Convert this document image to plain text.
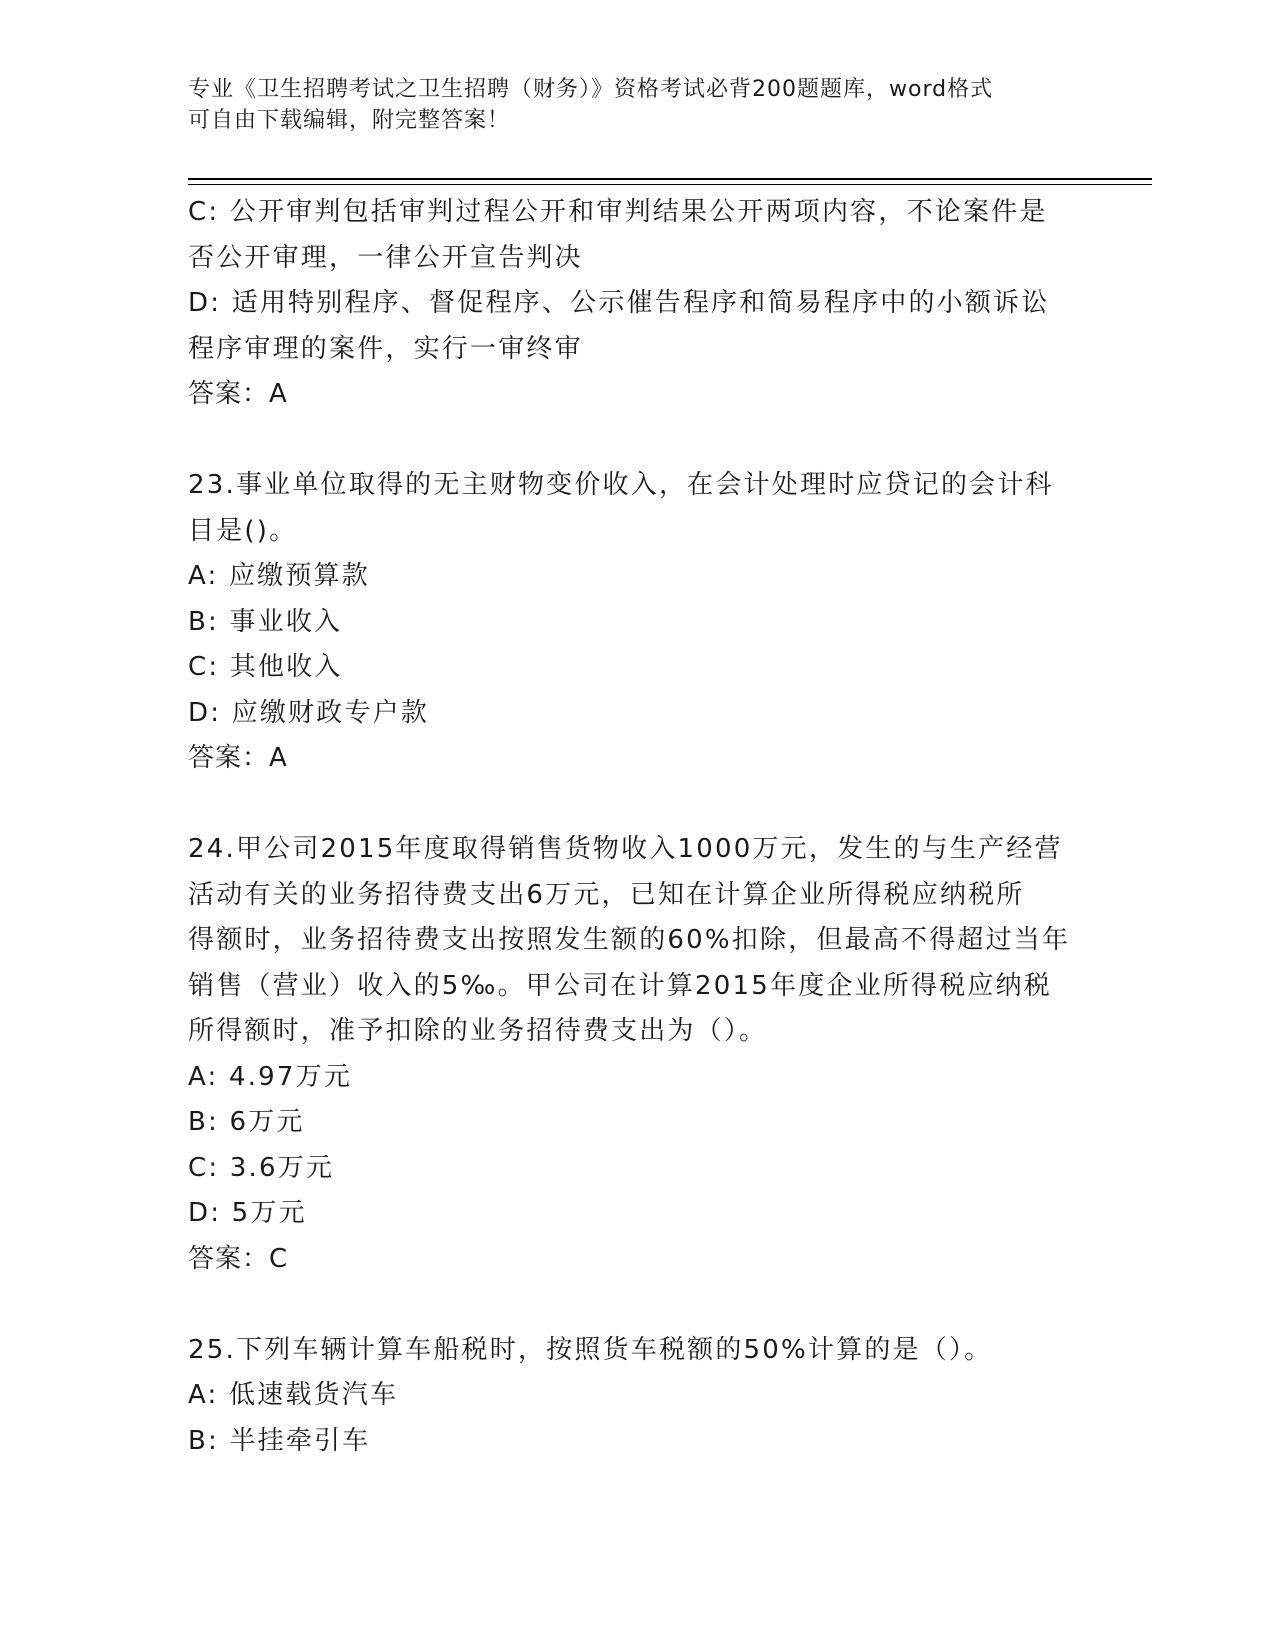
专业《卫生招聘考试之卫生招聘（财务）》资格考试必背200题题库，word格式
可自由下载编辑，附完整答案！
C: 公开审判包括审判过程公开和审判结果公开两项内容，不论案件是
否公开审理，一律公开宣告判决
D: 适用特别程序、督促程序、公示催告程序和简易程序中的小额诉讼
程序审理的案件，实行一审终审
答案：A
23.事业单位取得的无主财物变价收入，在会计处理时应贷记的会计科
目是()。
A: 应缴预算款
B: 事业收入
C: 其他收入
D: 应缴财政专户款
答案：A
24.甲公司2015年度取得销售货物收入1000万元，发生的与生产经营
活动有关的业务招待费支出6万元，已知在计算企业所得税应纳税所
得额时，业务招待费支出按照发生额的60%扣除，但最高不得超过当年
销售（营业）收入的5‰。甲公司在计算2015年度企业所得税应纳税
所得额时，准予扣除的业务招待费支出为（）。
A: 4.97万元
B: 6万元
C: 3.6万元
D: 5万元
答案：C
25.下列车辆计算车船税时，按照货车税额的50%计算的是（）。
A: 低速载货汽车
B: 半挂牵引车
